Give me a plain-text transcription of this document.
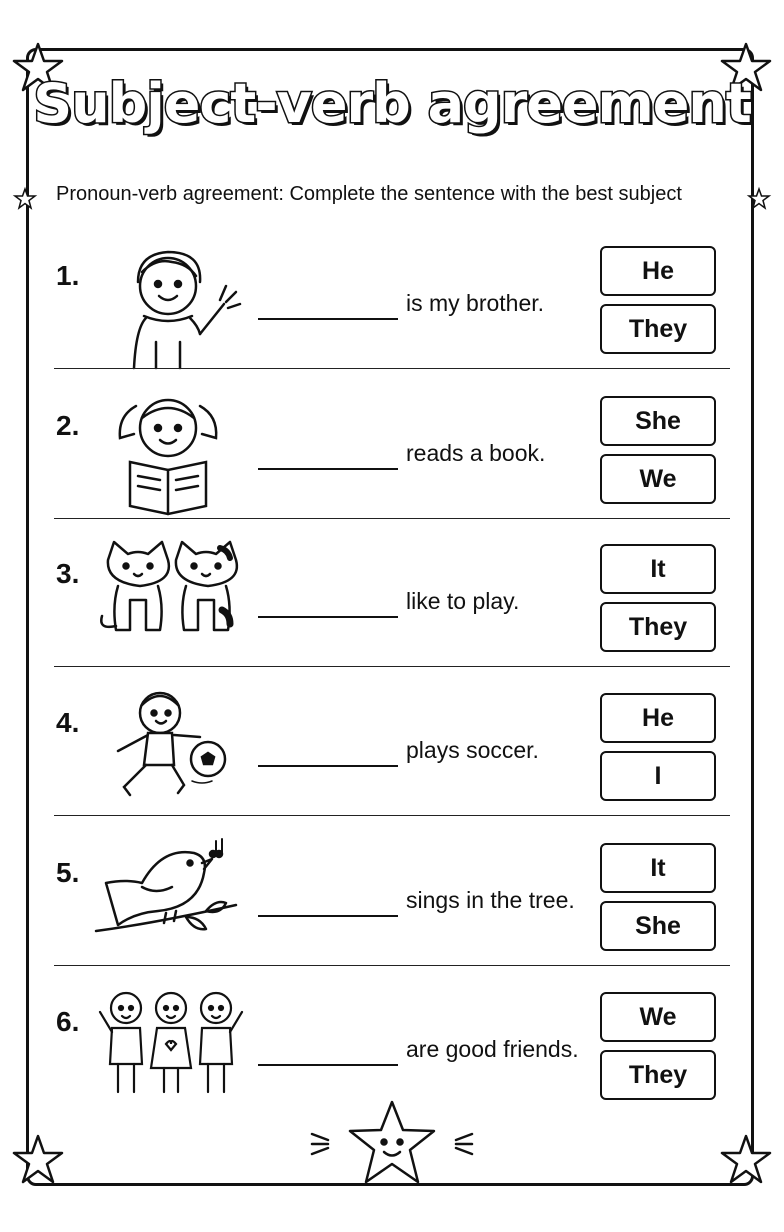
Subject-verb agreement
Pronoun-verb agreement: Complete the sentence with the best subject
1.
is my brother.
He
They
2.
reads a book.
She
We
3.
like to play.
It
They
4.
plays soccer.
He
I
5.
sings in the tree.
It
She
6.
are good friends.
We
They
